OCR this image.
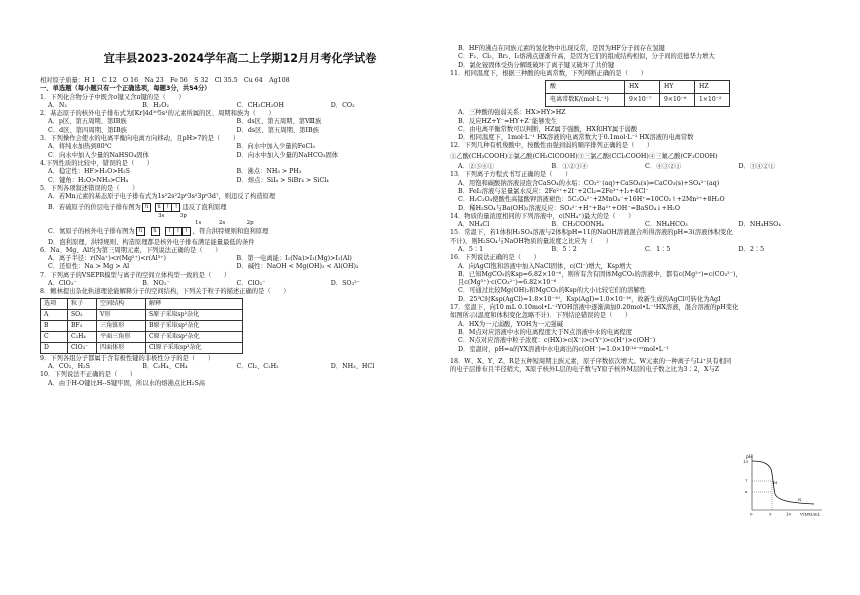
宜丰县2023-2024学年高二上学期12月月考化学试卷

相对原子质量：H 1　C 12　O 16　Na 23　Fe 56　S 32　Cl 35.5　Cu 64　Ag108

一、单选题（每小题只有一个正确选项，每题3分，共54分）

1．下列化合物分子中既含σ键又含π键的是（　　）

A．N₂	B．H₂O₂	C．CH₃CH₂OH	D．CO₂

2．基态原子的核外电子排布式为[Kr]4d¹⁰5s¹的元素所属的区、周期和族为（　　）

A．p区、第五周期、第ⅠB族	B．ds区、第五周期、第Ⅷ族
C．d区、第四周期、第ⅠB族	D．ds区、第五周期、第ⅠB族

3．下列操作会使水的电离平衡向电离方向移动，且pH>7的是（　　）

A．将纯水加热到80℃	B．向水中加入少量的FeCl₃
C．向水中加入少量的NaHSO₄固体	D．向水中加入少量的NaHCO₃固体

4.下列性质的比较中，错误的是（　　）

A．稳定性：HF>H₂O>H₂S	B．沸点：NH₃ > PH₃
C．键角：H₂O>NH₃>CH₄	D．熔点：SiI₄ > SiBr₄ > SiCl₄

5．下列各项叙述错误的是（　　）

A．若Mn元素的基态原子电子排布式为1s²2s²2p⁶3s²3p⁶3d⁷，则违反了构造原理

B．若硫原子的价层电子排布图为 ⇅ ⇅ ↑ ↑ 违反了泡利原理

3s	3p

1s	2s	2p

C．氮原子的核外电子排布图为 ⇅ ⇅ ↑ ↑ ↑ ，符合洪特规则和泡利原理

D．泡利原理、洪特规则、构造原理都是核外电子排布满足能量最低的条件

6．Na、Mg、Al均为第三周期元素，下列说法正确的是（　　）

A．离子半径：r(Na⁺)<r(Mg²⁺)<r(Al³⁺)	B．第一电离能：I₁(Na)>I₁(Mg)>I₁(Al)
C．还原性：Na > Mg > Al	D．碱性：NaOH < Mg(OH)₂ < Al(OH)₃

7．下列离子的VSEPR模型与离子的空间立体构型一致的是（　　）

A．ClO₃⁻	B．NO₂⁻	C．ClO₂⁻	D．SO₃²⁻

8．鲍林提出杂化轨道理论能解释分子的空间结构，下列关于粒子的描述正确的是（　　）

选项	粒子	空间结构	解释
A	SO₂	V形	S原子采取sp²杂化
B	BF₃	三角锥形	B原子采取sp²杂化
C	C₂H₄	平面三角形	C原子采取sp²杂化
D	ClO₃⁻	四面体形	Cl原子采取sp³杂化

9．下列各组分子都属于含有极性键的非极性分子的是（　　）

A．CO₂、H₂S	B．C₂H₄、CH₄	C．Cl₂、C₂H₂	D．NH₃、HCl

10．下列说法不正确的是（　　）

A．由于H-O键比H--S键牢固，所以水的熔沸点比H₂S高

B．HF的沸点在同族元素的氢化物中出现反常，是因为HF分子间存在氢键

C．F₂、Cl₂、Br₂、I₂熔沸点逐渐升高，是因为它们的组成结构相似，分子间的范德华力增大

D．氯化铵固体受热分解既破坏了离子键又破坏了共价键

11．相同温度下，根据三种酸的电离常数，下列判断正确的是（　　）

酸	HX	HY	HZ
电离常数K/(mol·L⁻¹)	9×10⁻⁷	9×10⁻⁶	1×10⁻²

A．三种酸的强弱关系：HX>HY>HZ

B．反应HZ+Y⁻=HY+Z⁻能够发生

C．由电离平衡常数可以判断，HZ属于强酸，HX和HY属于弱酸

D．相同温度下，1mol·L⁻¹ HX溶液的电离常数大于0.1mol·L⁻¹ HX溶液的电离常数

12．下列几种有机羧酸中，按酸性由强到弱的顺序排列正确的是（　　）

①乙酸(CH₃COOH)②氯乙酸(CH₂ClCOOH)③三氯乙酸(CCl₃COOH)④三氟乙酸(CF₃COOH)

A．②③④①	B．①②③④	C．④③②①	D．③④②①

13．下列离子方程式书写正确的是（　　）

A．用饱和碳酸钠溶液浸泡含CaSO₄的水垢：CO₃²⁻(aq)+CaSO₄(s)⇌CaCO₃(s)+SO₄²⁻(aq)

B．FeI₂溶液与足量氯水反应：2Fe²⁺+2I⁻+2Cl₂=2Fe³⁺+I₂+4Cl⁻

C．H₂C₂O₄使酸性高锰酸钾溶液褪色：5C₂O₄²⁻+2MnO₄⁻+16H⁺=10CO₂↑+2Mn²⁺+8H₂O

D．稀H₂SO₄与Ba(OH)₂溶液反应：SO₄²⁻+H⁺+Ba²⁺+OH⁻=BaSO₄↓+H₂O

14．物质的量浓度相同的下列溶液中，c(NH₄⁺)最大的是（　　）

A．NH₄Cl	B．CH₃COONH₄	C．NH₄HCO₃	D．NH₄HSO₄

15．常温下，若1体积H₂SO₄溶液与2体积pH=11的NaOH溶液混合所得溶液的pH=3(溶液体积变化

不计)，则H₂SO₄与NaOH物质的量浓度之比应为（　　）

A．5∶1	B．5∶2	C．1∶5	D．2∶5

16．下列说法正确的是（　　）

A．向AgCl饱和溶液中加入NaCl固体，c(Cl⁻)增大，Ksp增大

B．已知MgCO₃的Ksp=6.82×10⁻⁶，则所有含有固体MgCO₃的溶液中，都有c(Mg²⁺)=c(CO₃²⁻)，

且c(Mg²⁺)·c(CO₃²⁻)=6.82×10⁻⁶

C．可通过比较Mg(OH)₂和MgCO₃的Ksp的大小比较它们的溶解性

D．25℃时Ksp(AgCl)=1.8×10⁻¹⁰，Ksp(AgI)=1.0×10⁻¹⁶，故新生成的AgCl可转化为AgI

17．室温下，向10 mL 0.10mol•L⁻¹YOH溶液中逐渐滴加0.20mol•L⁻¹HX溶液，混合溶液的pH变化

如图所示(温度和体积变化忽略不计)．下列结论错误的是（　　）

A．HX为一元弱酸，YOH为一元强碱

B．M点对应溶液中水的电离程度大于N点溶液中水的电离程度

C．N点对应溶液中粒子浓度：c(HX)>c(X⁻)>c(Y⁺)>c(H⁺)>c(OH⁻)

D．室温时，pH=a的YX溶液中水电离出的c(OH⁻)=1.0×10⁽¹⁴⁻ᵃ⁾mol•L⁻¹

18．W、X、Y、Z、R是五种短周期主族元素，原子序数依次增大。W元素的一种离子与Li⁺具有相同

的电子层排布且半径稍大，X原子核外L层的电子数与Y原子核外M层的电子数之比为3∶2，X与Z

pH
V(HX)/mL
13
7
a
0	5	10
M
N
